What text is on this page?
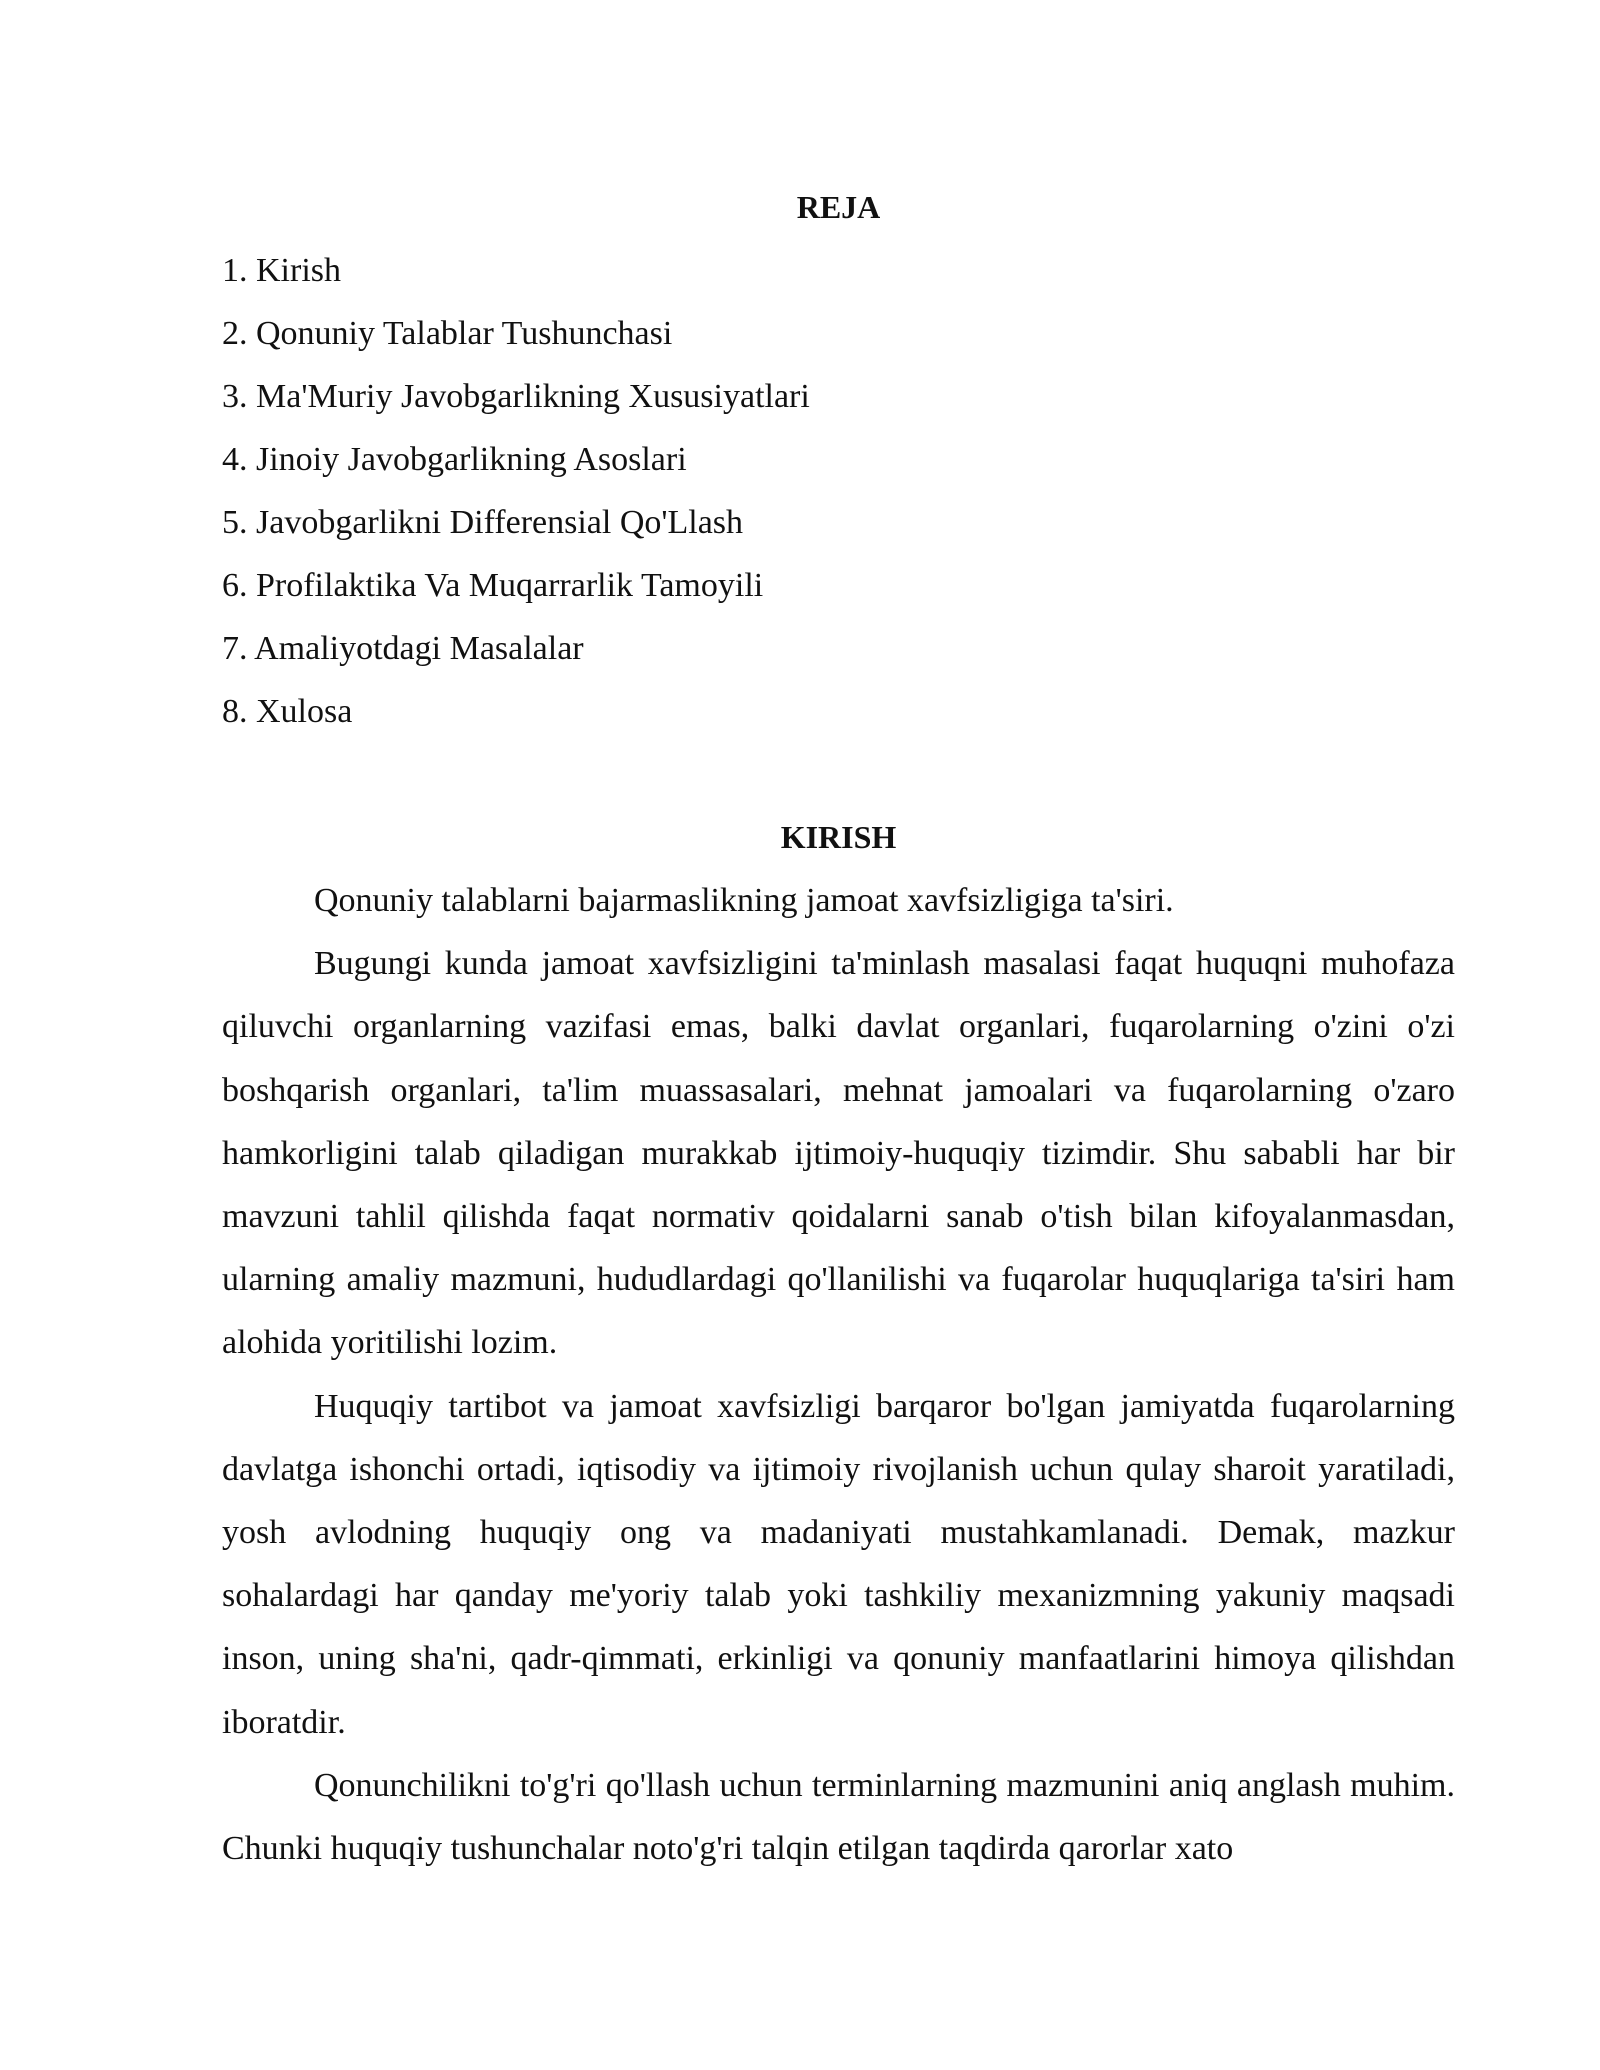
REJA
1. Kirish
2. Qonuniy Talablar Tushunchasi
3. Ma'Muriy Javobgarlikning Xususiyatlari
4. Jinoiy Javobgarlikning Asoslari
5. Javobgarlikni Differensial Qo'Llash
6. Profilaktika Va Muqarrarlik Tamoyili
7. Amaliyotdagi Masalalar
8. Xulosa
KIRISH

Qonuniy talablarni bajarmaslikning jamoat xavfsizligiga ta'siri.

Bugungi kunda jamoat xavfsizligini ta'minlash masalasi faqat huquqni muhofaza qiluvchi organlarning vazifasi emas, balki davlat organlari, fuqarolarning o'zini o'zi boshqarish organlari, ta'lim muassasalari, mehnat jamoalari va fuqarolarning o'zaro hamkorligini talab qiladigan murakkab ijtimoiy-huquqiy tizimdir. Shu sababli har bir mavzuni tahlil qilishda faqat normativ qoidalarni sanab o'tish bilan kifoyalanmasdan, ularning amaliy mazmuni, hududlardagi qo'llanilishi va fuqarolar huquqlariga ta'siri ham alohida yoritilishi lozim.

Huquqiy tartibot va jamoat xavfsizligi barqaror bo'lgan jamiyatda fuqarolarning davlatga ishonchi ortadi, iqtisodiy va ijtimoiy rivojlanish uchun qulay sharoit yaratiladi, yosh avlodning huquqiy ong va madaniyati mustahkamlanadi. Demak, mazkur sohalardagi har qanday me'yoriy talab yoki tashkiliy mexanizmning yakuniy maqsadi inson, uning sha'ni, qadr-qimmati, erkinligi va qonuniy manfaatlarini himoya qilishdan iboratdir.

Qonunchilikni to'g'ri qo'llash uchun terminlarning mazmunini aniq anglash muhim. Chunki huquqiy tushunchalar noto'g'ri talqin etilgan taqdirda qarorlar xato
